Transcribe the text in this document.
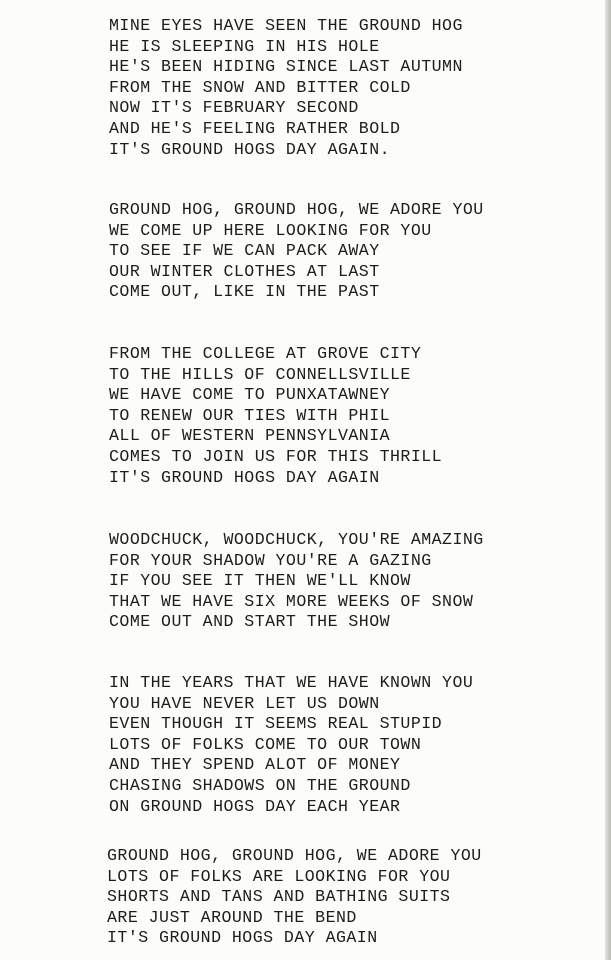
MINE EYES HAVE SEEN THE GROUND HOG
HE IS SLEEPING IN HIS HOLE
HE'S BEEN HIDING SINCE LAST AUTUMN
FROM THE SNOW AND BITTER COLD
NOW IT'S FEBRUARY SECOND
AND HE'S FEELING RATHER BOLD
IT'S GROUND HOGS DAY AGAIN.
GROUND HOG, GROUND HOG, WE ADORE YOU
WE COME UP HERE LOOKING FOR YOU
TO SEE IF WE CAN PACK AWAY
OUR WINTER CLOTHES AT LAST
COME OUT, LIKE IN THE PAST
FROM THE COLLEGE AT GROVE CITY
TO THE HILLS OF CONNELLSVILLE
WE HAVE COME TO PUNXATAWNEY
TO RENEW OUR TIES WITH PHIL
ALL OF WESTERN PENNSYLVANIA
COMES TO JOIN US FOR THIS THRILL
IT'S GROUND HOGS DAY AGAIN
WOODCHUCK, WOODCHUCK, YOU'RE AMAZING
FOR YOUR SHADOW YOU'RE A GAZING
IF YOU SEE IT THEN WE'LL KNOW
THAT WE HAVE SIX MORE WEEKS OF SNOW
COME OUT AND START THE SHOW
IN THE YEARS THAT WE HAVE KNOWN YOU
YOU HAVE NEVER LET US DOWN
EVEN THOUGH IT SEEMS REAL STUPID
LOTS OF FOLKS COME TO OUR TOWN
AND THEY SPEND ALOT OF MONEY
CHASING SHADOWS ON THE GROUND
ON GROUND HOGS DAY EACH YEAR
GROUND HOG, GROUND HOG, WE ADORE YOU
LOTS OF FOLKS ARE LOOKING FOR YOU
SHORTS AND TANS AND BATHING SUITS
ARE JUST AROUND THE BEND
IT'S GROUND HOGS DAY AGAIN
